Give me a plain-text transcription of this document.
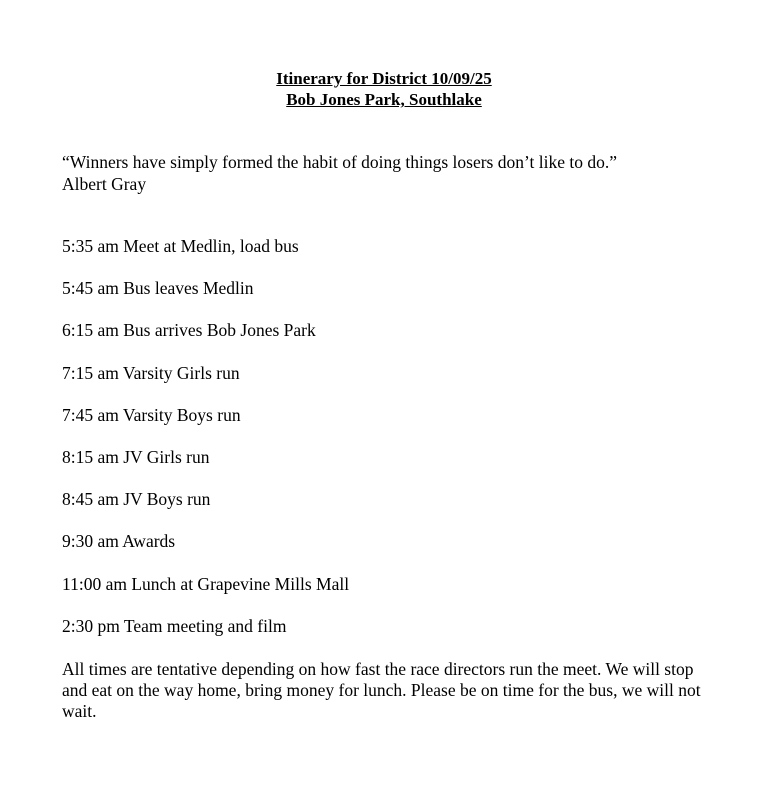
Itinerary for District 10/09/25
Bob Jones Park, Southlake
“Winners have simply formed the habit of doing things losers don’t like to do.”
Albert Gray
5:35 am Meet at Medlin, load bus
5:45 am Bus leaves Medlin
6:15 am Bus arrives Bob Jones Park
7:15 am Varsity Girls run
7:45 am Varsity Boys run
8:15 am JV Girls run
8:45 am JV Boys run
9:30 am Awards
11:00 am Lunch at Grapevine Mills Mall
2:30 pm Team meeting and film

All times are tentative depending on how fast the race directors run the meet. We will stop and eat on the way home, bring money for lunch. Please be on time for the bus, we will not wait.
